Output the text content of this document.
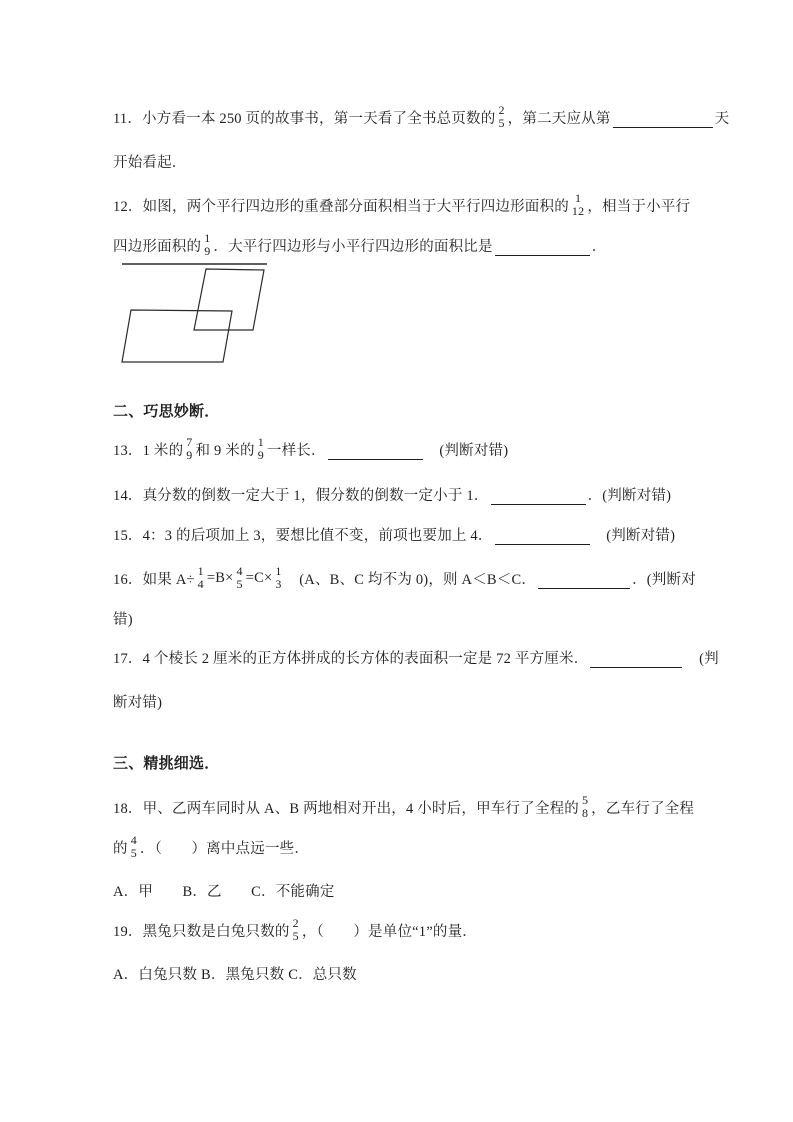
11．小方看一本 250 页的故事书，第一天看了全书总页数的
2
5 ，第二天应从第	天
开始看起．
12．如图，两个平行四边形的重叠部分面积相当于大平行四边形面积的
1
12 ，相当于小平行
四边形面积的
1
9 ．大平行四边形与小平行四边形的面积比是	．
二、巧思妙断．
13．1 米的
7
9 和 9 米的
1
9 一样长．	　(判断对错)
14．真分数的倒数一定大于 1，假分数的倒数一定小于 1．	．(判断对错)
15．4：3 的后项加上 3，要想比值不变，前项也要加上 4．	　(判断对错)
16．如果 A÷
1
4 =B× 4
5 =C× 1
3 　(A、B、C 均不为 0)，则 A＜B＜C．	．(判断对
错)
17．4 个棱长 2 厘米的正方体拼成的长方体的表面积一定是 72 平方厘米．	　(判
断对错)
三、精挑细选．
18．甲、乙两车同时从 A、B 两地相对开出，4 小时后，甲车行了全程的
5
8 ，乙车行了全程
的
4
5 ．（　　）离中点远一些．
A．甲　　B．乙　　C．不能确定
19．黑兔只数是白兔只数的
2
5 ，（　　）是单位“1”的量．
A．白兔只数 B．黑兔只数 C．总只数
